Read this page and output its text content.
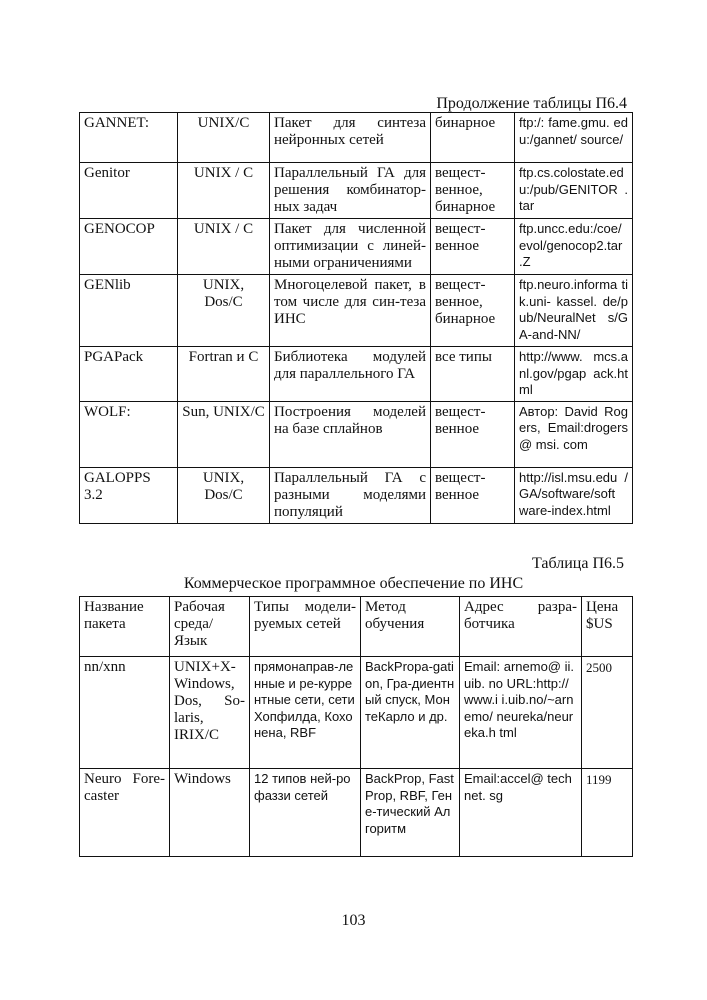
Продолжение таблицы П6.4
GANNET:	UNIX/C	Пакет для синтеза нейронных сетей	бинарное	ftp:/: fame.gmu. edu:/gannet/ source/
Genitor	UNIX / C	Параллельный ГА для решения комбинатор-ных задач	вещест-венное, бинарное	ftp.cs.colostate.ed u:/pub/GENITOR .tar
GENOCOP	UNIX / C	Пакет для численной оптимизации с линей-ными ограничениями	вещест-венное	ftp.uncc.edu:/coe/ evol/genocop2.tar .Z
GENlib	UNIX, Dos/C	Многоцелевой пакет, в том числе для син-теза ИНС	вещест-венное, бинарное	ftp.neuro.informa tik.uni- kassel. de/pub/NeuralNet s/GA-and-NN/
PGAPack	Fortran и C	Библиотека модулей для параллельного ГА	все типы	http://www. mcs.anl.gov/pgap ack.html
WOLF:	Sun, UNIX/C	Построения моделей на базе сплайнов	вещест-венное	Автор: David Rogers, Email:drogers@ msi. com
GALOPPS 3.2	UNIX, Dos/C	Параллельный ГА с разными моделями популяций	вещест-венное	http://isl.msu.edu /GA/software/soft ware-index.html
Таблица П6.5
Коммерческое программное обеспечение по ИНС
Название пакета	Рабочая среда/ Язык	Типы модели-руемых сетей	Метод обучения	Адрес разра-ботчика	Цена $US
nn/xnn	UNIX+X-Windows, Dos, So-laris, IRIX/C	прямонаправ-ленные и ре-куррентные сети, сети Хопфилда, Кохонена, RBF	BackPropa-gation, Гра-диентный спуск, МонтеКарло и др.	Email: arnemo@ ii.uib. no URL:http://www.i i.uib.no/~arnemo/ neureka/neureka.h tml	2500
Neuro Fore-caster	Windows	12 типов ней-рофаззи сетей	BackProp, FastProp, RBF, Гене-тический Алгоритм	Email:accel@ technet. sg	1199
103
